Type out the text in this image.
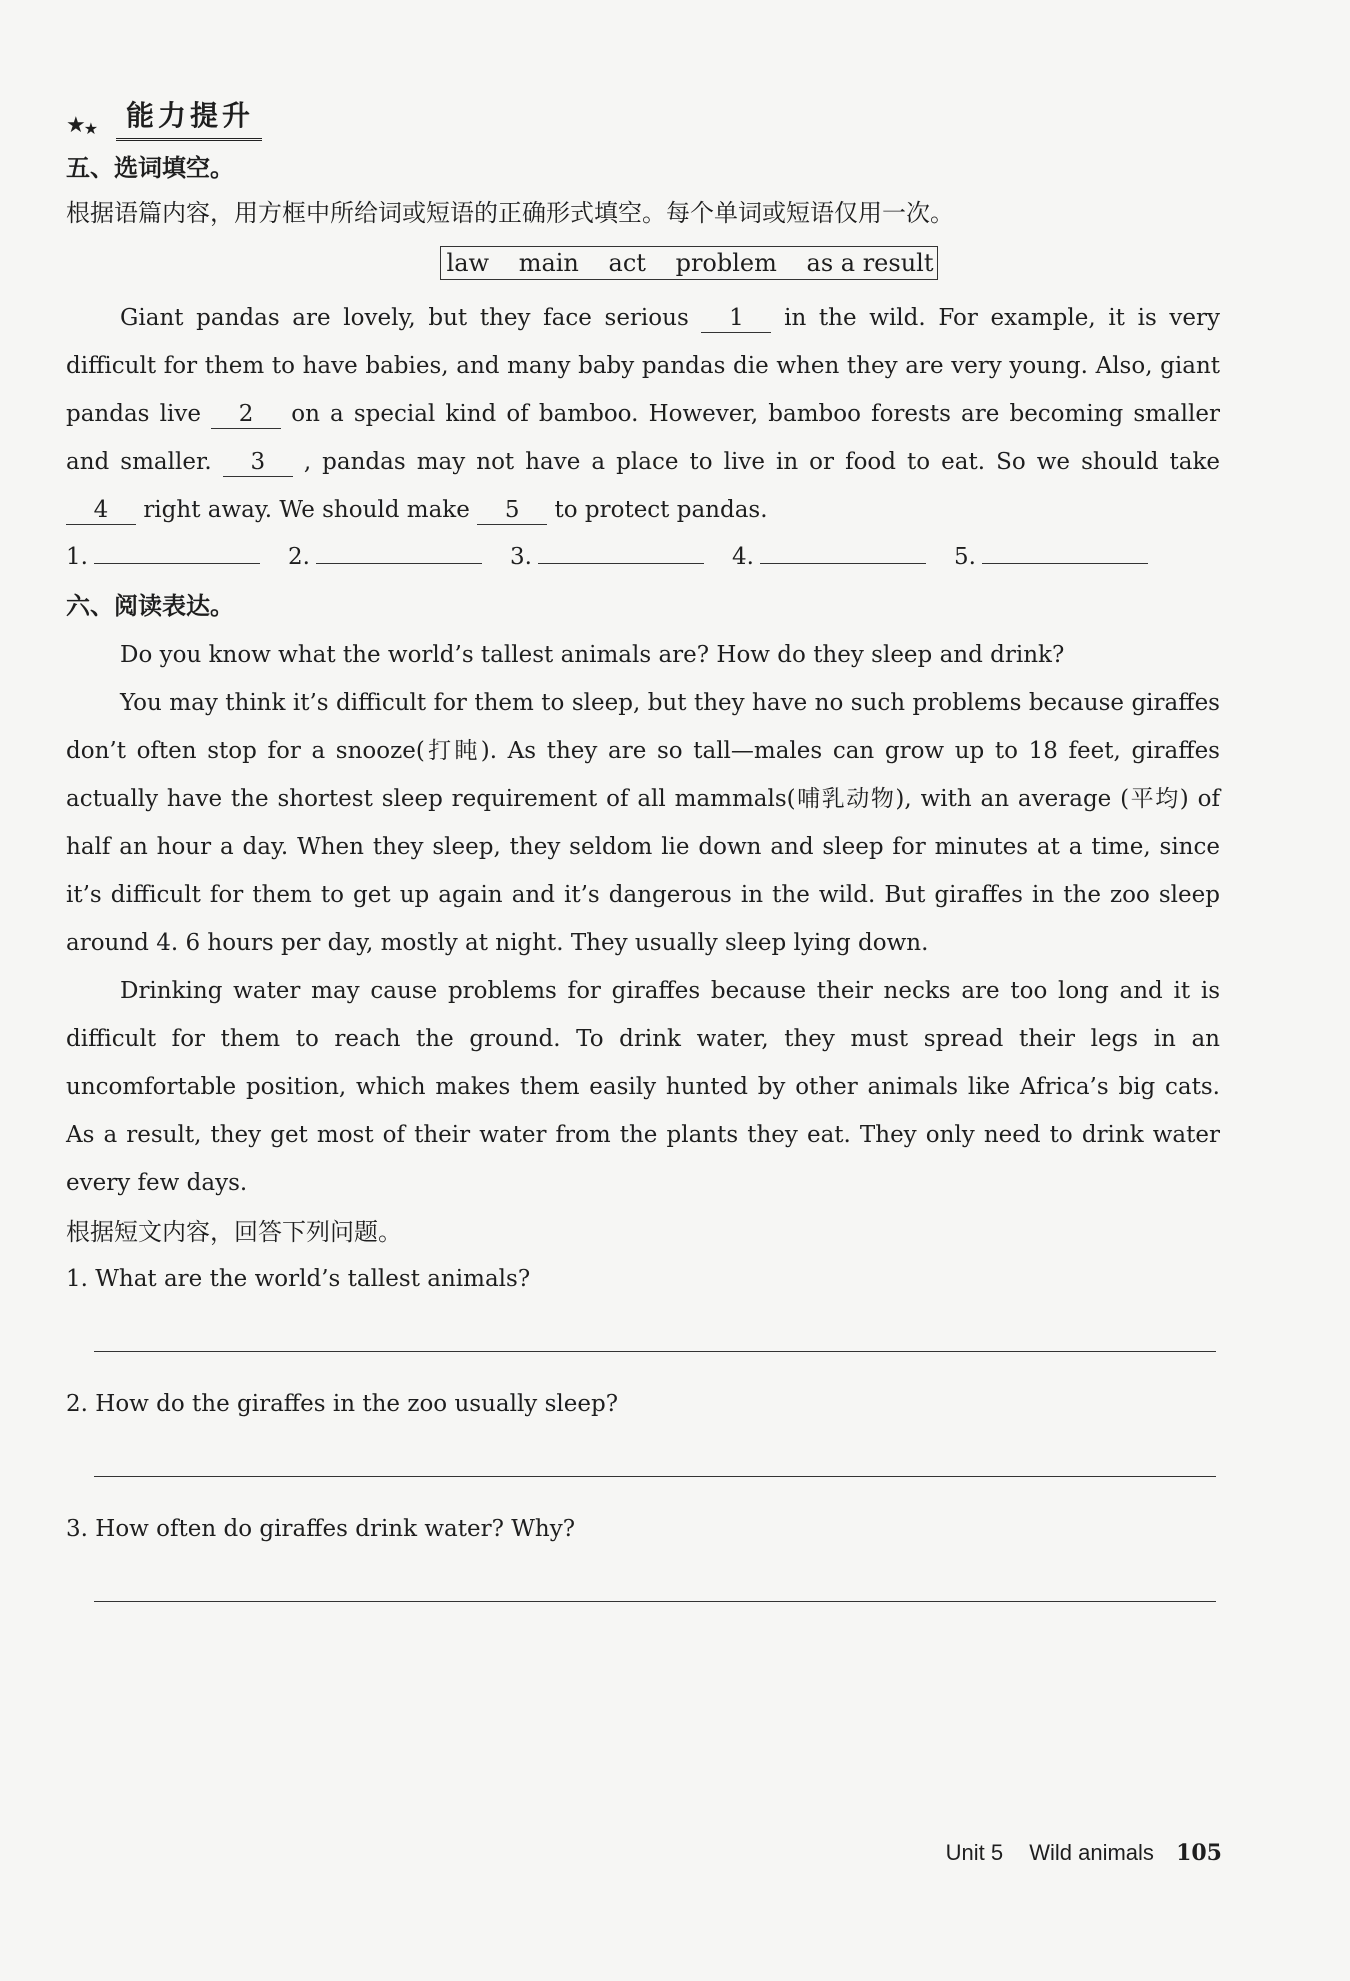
★
★ 能力提升
五、选词填空。
根据语篇内容，用方框中所给词或短语的正确形式填空。每个单词或短语仅用一次。
law main act problem as a result

Giant pandas are lovely, but they face serious 1 in the wild. For example, it is very difficult for them to have babies, and many baby pandas die when they are very young. Also, giant pandas live 2 on a special kind of bamboo. However, bamboo forests are becoming smaller and smaller. 3 , pandas may not have a place to live in or food to eat. So we should take 4 right away. We should make 5 to protect pandas.

1.	2.	3.	4.	5.
六、阅读表达。

Do you know what the world’s tallest animals are? How do they sleep and drink?

You may think it’s difficult for them to sleep, but they have no such problems because giraffes don’t often stop for a snooze(打盹). As they are so tall—males can grow up to 18 feet, giraffes actually have the shortest sleep requirement of all mammals(哺乳动物), with an average (平均) of half an hour a day. When they sleep, they seldom lie down and sleep for minutes at a time, since it’s difficult for them to get up again and it’s dangerous in the wild. But giraffes in the zoo sleep around 4. 6 hours per day, mostly at night. They usually sleep lying down.

Drinking water may cause problems for giraffes because their necks are too long and it is difficult for them to reach the ground. To drink water, they must spread their legs in an uncomfortable position, which makes them easily hunted by other animals like Africa’s big cats. As a result, they get most of their water from the plants they eat. They only need to drink water every few days.

根据短文内容，回答下列问题。

1. What are the world’s tallest animals?

2. How do the giraffes in the zoo usually sleep?

3. How often do giraffes drink water? Why?

Unit 5 Wild animals 105
